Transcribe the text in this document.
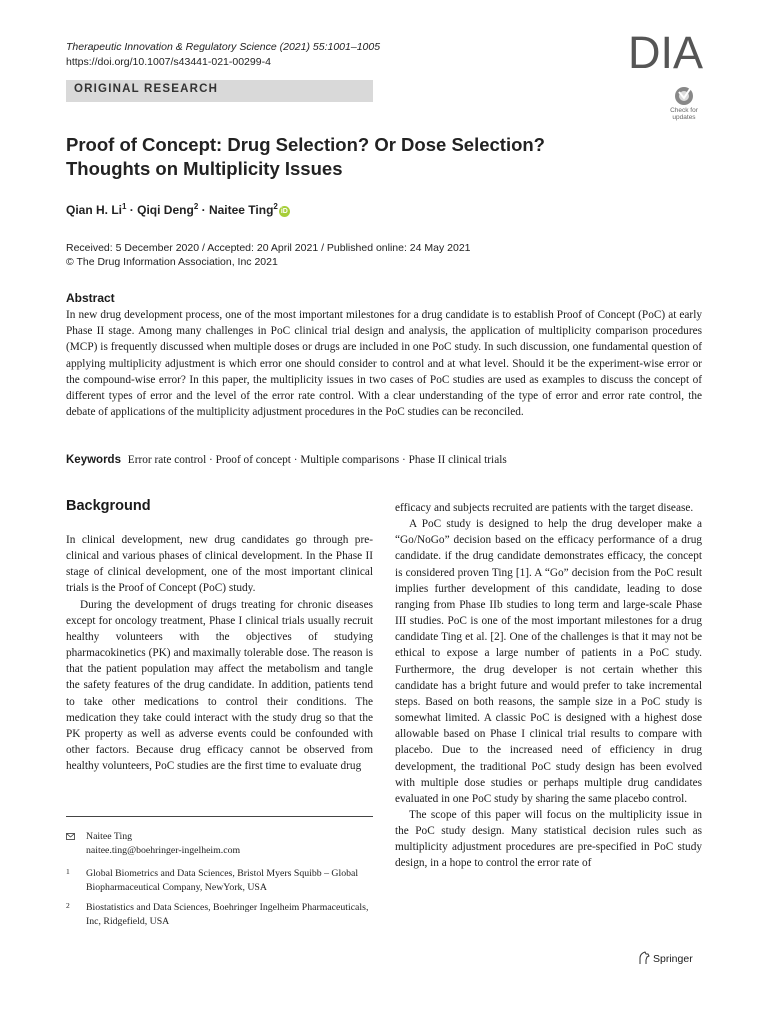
Therapeutic Innovation & Regulatory Science (2021) 55:1001–1005
https://doi.org/10.1007/s43441-021-00299-4	DIA
ORIGINAL RESEARCH
Check for
updates
Proof of Concept: Drug Selection? Or Dose Selection? Thoughts on Multiplicity Issues
Qian H. $Li^1$ · Qiqi Deng$^2$ · Naitee Ting$^2$iD
Received: 5 December 2020 / Accepted: 20 April 2021 / Published online: 24 May 2021
© The Drug Information Association, Inc 2021
Abstract
In new drug development process, one of the most important milestones for a drug candidate is to establish Proof of Concept (PoC) at early Phase II stage. Among many challenges in PoC clinical trial design and analysis, the application of multiplicity comparison procedures (MCP) is frequently discussed when multiple doses or drugs are included in one PoC study. In such discussion, one fundamental question of applying multiplicity adjustment is which error one should consider to control and at what level. Should it be the experiment-wise error or the compound-wise error? In this paper, the multiplicity issues in two cases of PoC studies are used as examples to discuss the concept of different types of error and the level of the error rate control. With a clear understanding of the type of error and error rate control, the debate of applications of the multiplicity adjustment procedures in the PoC studies can be reconciled.
Keywords Error rate control · Proof of concept · Multiple comparisons · Phase II clinical trials
Background

In clinical development, new drug candidates go through pre-clinical and various phases of clinical development. In the Phase II stage of clinical development, one of the most important clinical trials is the Proof of Concept (PoC) study.

During the development of drugs treating for chronic diseases except for oncology treatment, Phase I clinical trials usually recruit healthy volunteers with the objectives of studying pharmacokinetics (PK) and maximally tolerable dose. The reason is that the patient population may affect the metabolism and tangle the safety features of the drug candidate. In addition, patients tend to take other medications to control their conditions. The medication they take could interact with the study drug so that the PK property as well as adverse events could be confounded with other factors. Because drug efficacy cannot be observed from healthy volunteers, PoC studies are the first time to evaluate drug

efficacy and subjects recruited are patients with the target disease.

A PoC study is designed to help the drug developer make a “Go/NoGo” decision based on the efficacy performance of a drug candidate. if the drug candidate demonstrates efficacy, the concept is considered proven Ting [1]. A “Go” decision from the PoC result implies further development of this candidate, leading to dose ranging from Phase IIb studies to long term and large-scale Phase III studies. PoC is one of the most important milestones for a drug candidate Ting et al. [2]. One of the challenges is that it may not be ethical to expose a large number of patients in a PoC study. Furthermore, the drug developer is not certain whether this candidate has a bright future and would prefer to take incremental steps. Based on both reasons, the sample size in a PoC study is somewhat limited. A classic PoC is designed with a highest dose allowable based on Phase I clinical trial results to compare with placebo. Due to the increased need of efficiency in drug development, the traditional PoC study design has been evolved with multiple dose studies or perhaps multiple drug candidates evaluated in one PoC study by sharing the same placebo control.

The scope of this paper will focus on the multiplicity issue in the PoC study design. Many statistical decision rules such as multiplicity adjustment procedures are pre-specified in PoC study design, in a hope to control the error rate of

Naitee Ting
naitee.ting@boehringer-ingelheim.com
1 Global Biometrics and Data Sciences, Bristol Myers Squibb – Global Biopharmaceutical Company, NewYork, USA
2 Biostatistics and Data Sciences, Boehringer Ingelheim Pharmaceuticals, Inc, Ridgefield, USA
Springer
